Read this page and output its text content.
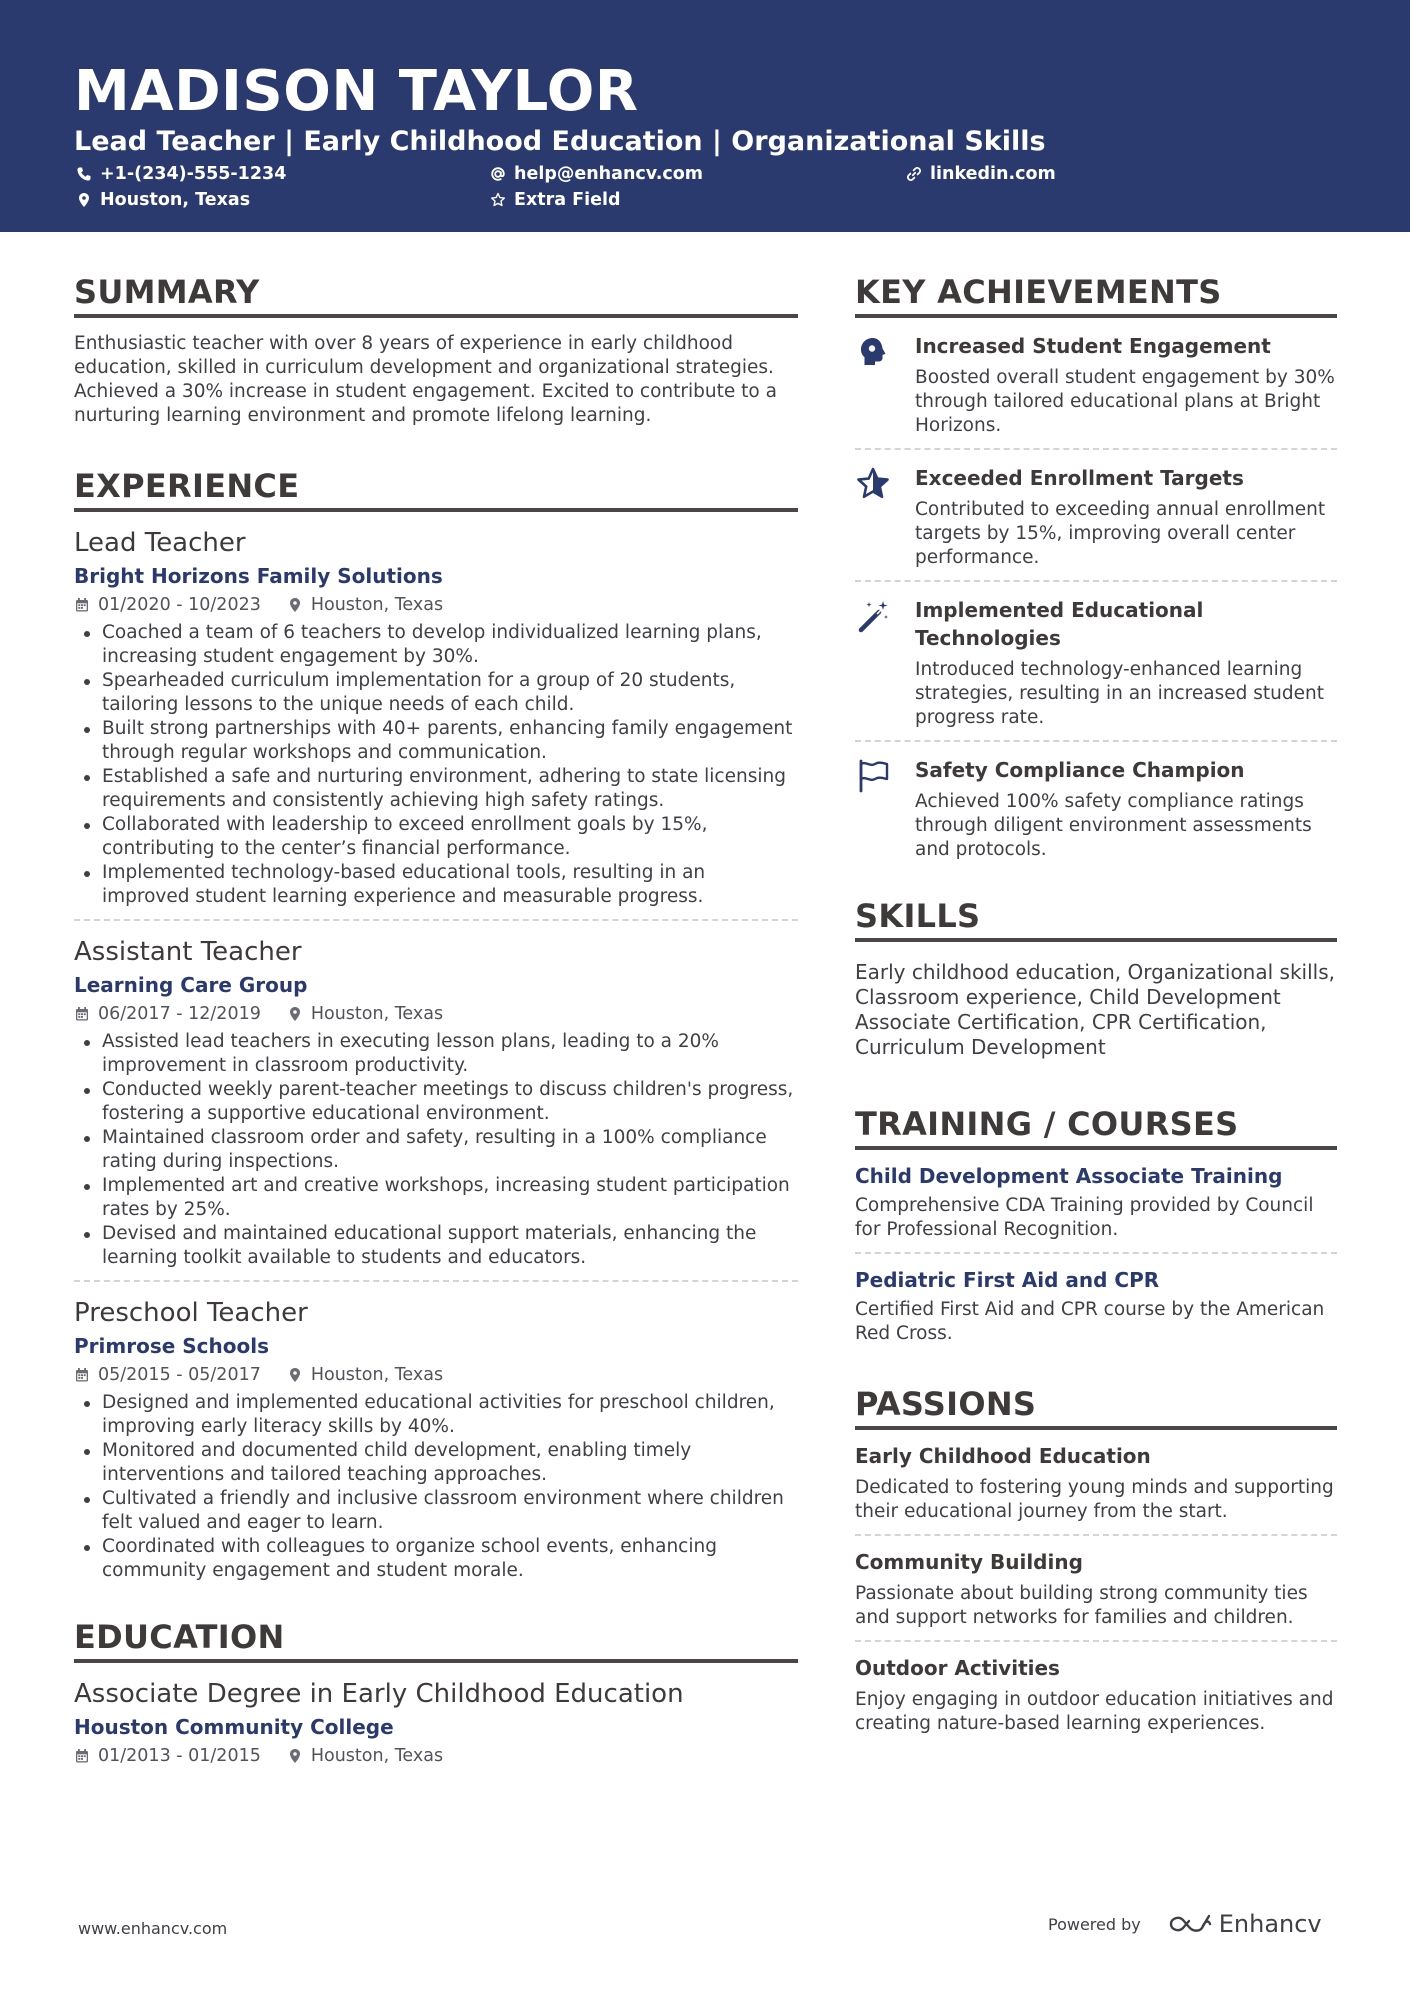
MADISON TAYLOR
Lead Teacher | Early Childhood Education | Organizational Skills
+1-(234)-555-1234	help@enhancv.com	linkedin.com
Houston, Texas	Extra Field
SUMMARY

Enthusiastic teacher with over 8 years of experience in early childhood education, skilled in curriculum development and organizational strategies. Achieved a 30% increase in student engagement. Excited to contribute to a nurturing learning environment and promote lifelong learning.

EXPERIENCE
Lead Teacher
Bright Horizons Family Solutions
01/2020 - 10/2023	Houston, Texas
Coached a team of 6 teachers to develop individualized learning plans, increasing student engagement by 30%.
Spearheaded curriculum implementation for a group of 20 students, tailoring lessons to the unique needs of each child.
Built strong partnerships with 40+ parents, enhancing family engagement through regular workshops and communication.
Established a safe and nurturing environment, adhering to state licensing requirements and consistently achieving high safety ratings.
Collaborated with leadership to exceed enrollment goals by 15%, contributing to the center’s financial performance.
Implemented technology-based educational tools, resulting in an improved student learning experience and measurable progress.
Assistant Teacher
Learning Care Group
06/2017 - 12/2019	Houston, Texas
Assisted lead teachers in executing lesson plans, leading to a 20% improvement in classroom productivity.
Conducted weekly parent-teacher meetings to discuss children's progress, fostering a supportive educational environment.
Maintained classroom order and safety, resulting in a 100% compliance rating during inspections.
Implemented art and creative workshops, increasing student participation rates by 25%.
Devised and maintained educational support materials, enhancing the learning toolkit available to students and educators.
Preschool Teacher
Primrose Schools
05/2015 - 05/2017	Houston, Texas
Designed and implemented educational activities for preschool children, improving early literacy skills by 40%.
Monitored and documented child development, enabling timely interventions and tailored teaching approaches.
Cultivated a friendly and inclusive classroom environment where children felt valued and eager to learn.
Coordinated with colleagues to organize school events, enhancing community engagement and student morale.
EDUCATION
Associate Degree in Early Childhood Education
Houston Community College
01/2013 - 01/2015	Houston, Texas
KEY ACHIEVEMENTS
Increased Student Engagement
Boosted overall student engagement by 30% through tailored educational plans at Bright Horizons.
Exceeded Enrollment Targets
Contributed to exceeding annual enrollment targets by 15%, improving overall center performance.
Implemented Educational Technologies
Introduced technology-enhanced learning strategies, resulting in an increased student progress rate.
Safety Compliance Champion
Achieved 100% safety compliance ratings through diligent environment assessments and protocols.
SKILLS

Early childhood education, Organizational skills, Classroom experience, Child Development Associate Certification, CPR Certification, Curriculum Development

TRAINING / COURSES
Child Development Associate Training
Comprehensive CDA Training provided by Council for Professional Recognition.
Pediatric First Aid and CPR
Certified First Aid and CPR course by the American Red Cross.
PASSIONS
Early Childhood Education
Dedicated to fostering young minds and supporting their educational journey from the start.
Community Building
Passionate about building strong community ties and support networks for families and children.
Outdoor Activities
Enjoy engaging in outdoor education initiatives and creating nature-based learning experiences.
www.enhancv.com	Powered by	Enhancv
